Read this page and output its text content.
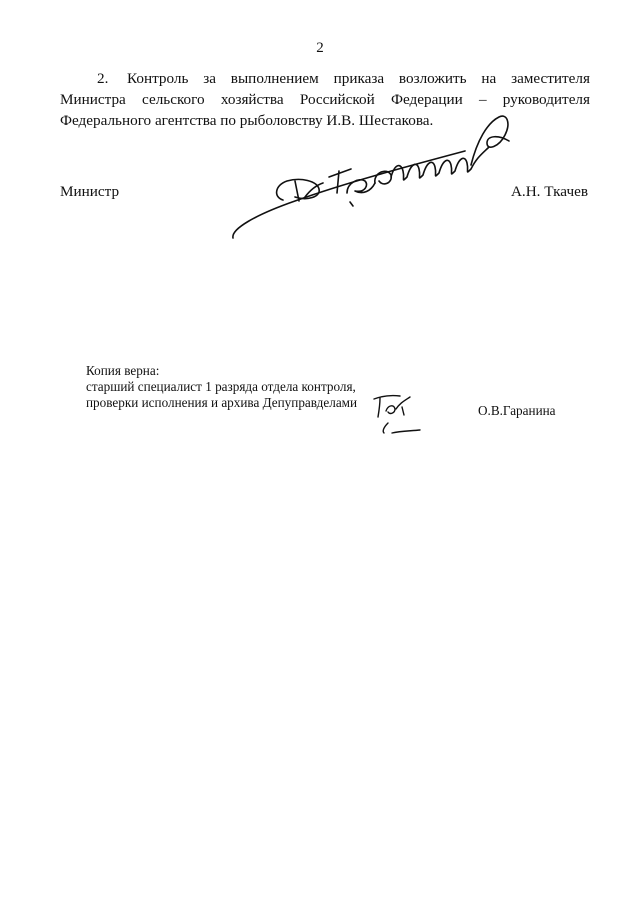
2
2. Контроль за выполнением приказа возложить на заместителя Министра сельского хозяйства Российской Федерации – руководителя Федерального агентства по рыболовству И.В. Шестакова.
Министр	А.Н. Ткачев
Копия верна:
старший специалист 1 разряда отдела контроля,
проверки исполнения и архива Депуправделами
О.В.Гаранина
